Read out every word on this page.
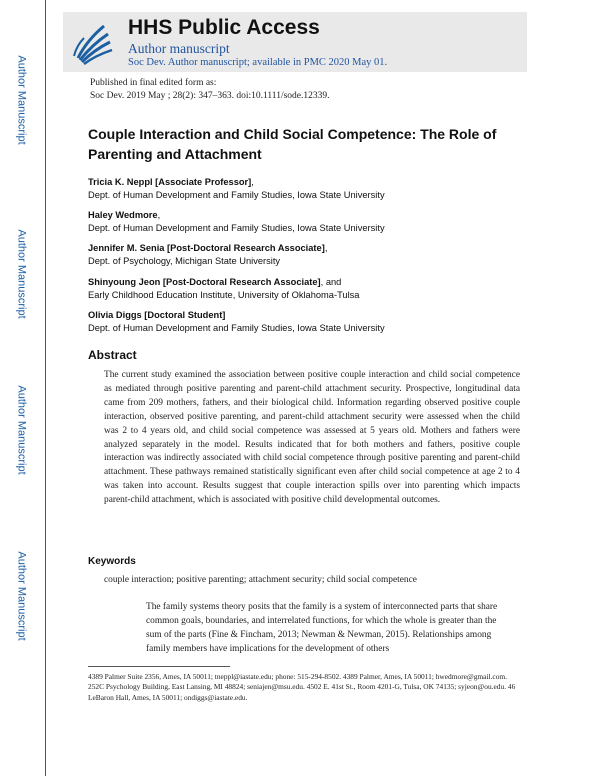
Author Manuscript
Author Manuscript
Author Manuscript
Author Manuscript
HHS Public Access
Author manuscript
Soc Dev. Author manuscript; available in PMC 2020 May 01.
Published in final edited form as:
Soc Dev. 2019 May ; 28(2): 347–363. doi:10.1111/sode.12339.
Couple Interaction and Child Social Competence: The Role of Parenting and Attachment
Tricia K. Neppl [Associate Professor],
Dept. of Human Development and Family Studies, Iowa State University
Haley Wedmore,
Dept. of Human Development and Family Studies, Iowa State University
Jennifer M. Senia [Post-Doctoral Research Associate],
Dept. of Psychology, Michigan State University
Shinyoung Jeon [Post-Doctoral Research Associate], and
Early Childhood Education Institute, University of Oklahoma-Tulsa
Olivia Diggs [Doctoral Student]
Dept. of Human Development and Family Studies, Iowa State University
Abstract

The current study examined the association between positive couple interaction and child social competence as mediated through positive parenting and parent-child attachment security. Prospective, longitudinal data came from 209 mothers, fathers, and their biological child. Information regarding observed positive couple interaction, observed positive parenting, and parent-child attachment security were assessed when the child was 2 to 4 years old, and child social competence was assessed at 5 years old. Mothers and fathers were analyzed separately in the model. Results indicated that for both mothers and fathers, positive couple interaction was indirectly associated with child social competence through positive parenting and parent-child attachment. These pathways remained statistically significant even after child social competence at age 2 to 4 was taken into account. Results suggest that couple interaction spills over into parenting which impacts parent-child attachment, which is associated with positive child developmental outcomes.

Keywords
couple interaction; positive parenting; attachment security; child social competence

The family systems theory posits that the family is a system of interconnected parts that share common goals, boundaries, and interrelated functions, for which the whole is greater than the sum of the parts (Fine & Fincham, 2013; Newman & Newman, 2015). Relationships among family members have implications for the development of others

4389 Palmer Suite 2356, Ames, IA 50011; tneppl@iastate.edu; phone: 515-294-8502. 4389 Palmer, Ames, IA 50011; hwedmore@gmail.com. 252C Psychology Building, East Lansing, MI 48824; seniajen@msu.edu. 4502 E. 41st St., Room 4201-G, Tulsa, OK 74135; syjeon@ou.edu. 46 LeBaron Hall, Ames, IA 50011; ondiggs@iastate.edu.
